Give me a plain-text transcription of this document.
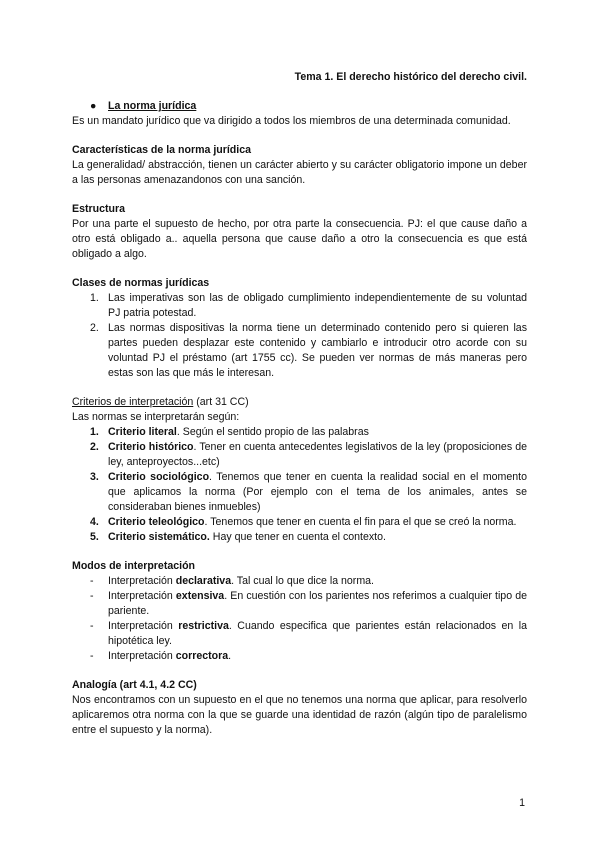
Tema 1. El derecho histórico del derecho civil.
● La norma jurídica

Es un mandato jurídico que va dirigido a todos los miembros de una determinada comunidad.

Características de la norma jurídica

La generalidad/ abstracción, tienen un carácter abierto y su carácter obligatorio impone un deber a las personas amenazandonos con una sanción.

Estructura

Por una parte el supuesto de hecho, por otra parte la consecuencia. PJ: el que cause daño a otro está obligado a.. aquella persona que cause daño a otro la consecuencia es que está obligado a algo.

Clases de normas jurídicas
1. Las imperativas son las de obligado cumplimiento independientemente de su voluntad PJ patria potestad.
2. Las normas dispositivas la norma tiene un determinado contenido pero si quieren las partes pueden desplazar este contenido y cambiarlo e introducir otro acorde con su voluntad PJ el préstamo (art 1755 cc). Se pueden ver normas de más maneras pero estas son las que más le interesan.
Criterios de interpretación (art 31 CC)

Las normas se interpretarán según:

1. Criterio literal. Según el sentido propio de las palabras
2. Criterio histórico. Tener en cuenta antecedentes legislativos de la ley (proposiciones de ley, anteproyectos...etc)
3. Criterio sociológico. Tenemos que tener en cuenta la realidad social en el momento que aplicamos la norma (Por ejemplo con el tema de los animales, antes se consideraban bienes inmuebles)
4. Criterio teleológico. Tenemos que tener en cuenta el fin para el que se creó la norma.
5. Criterio sistemático. Hay que tener en cuenta el contexto.
Modos de interpretación
- Interpretación declarativa. Tal cual lo que dice la norma.
- Interpretación extensiva. En cuestión con los parientes nos referimos a cualquier tipo de pariente.
- Interpretación restrictiva. Cuando especifica que parientes están relacionados en la hipotética ley.
- Interpretación correctora.
Analogía (art 4.1, 4.2 CC)

Nos encontramos con un supuesto en el que no tenemos una norma que aplicar, para resolverlo aplicaremos otra norma con la que se guarde una identidad de razón (algún tipo de paralelismo entre el supuesto y la norma).

1
